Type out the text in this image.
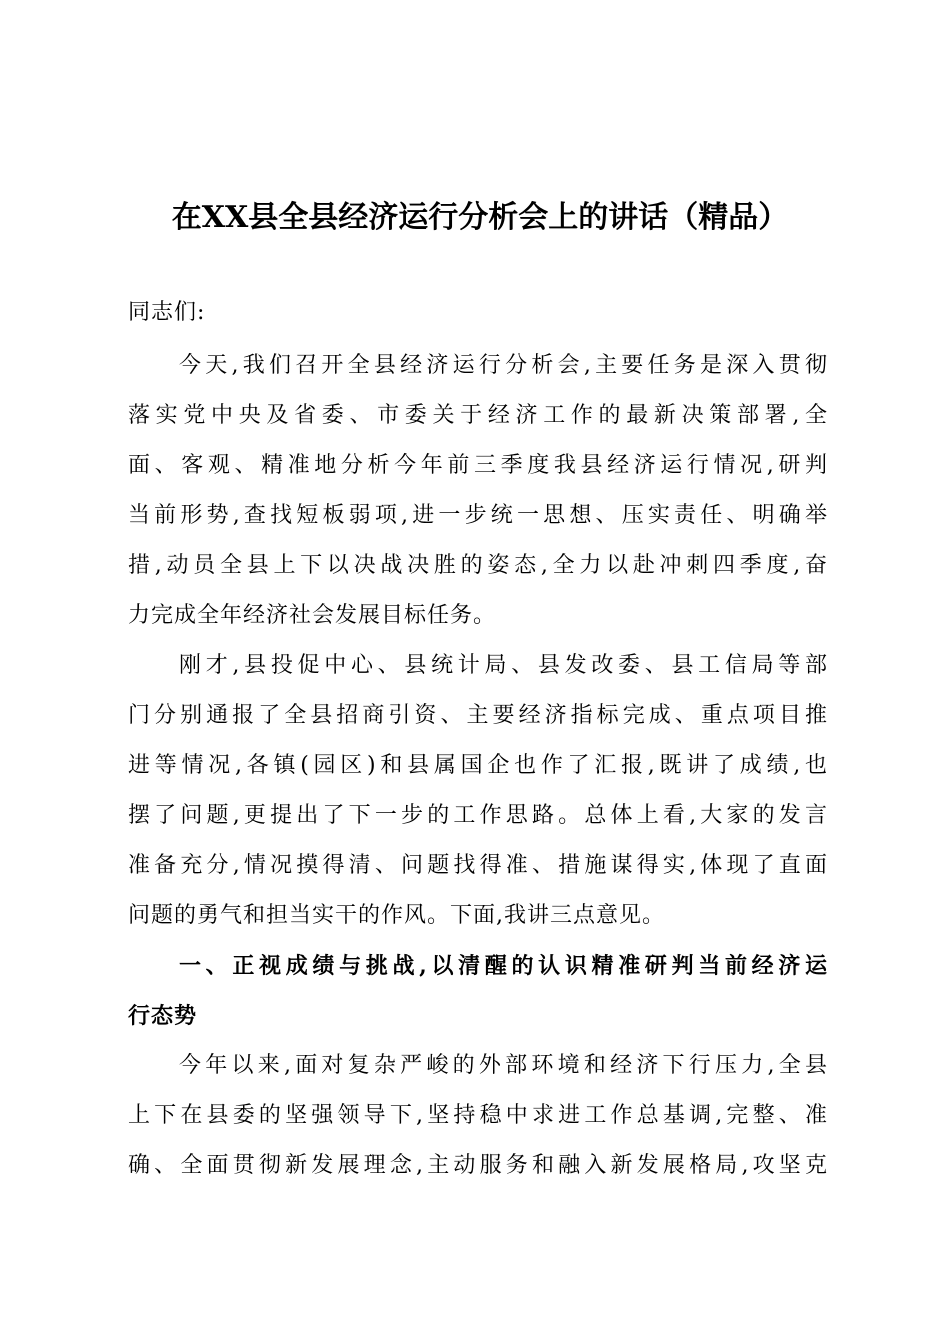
在XX县全县经济运行分析会上的讲话（精品）
同志们:
今天,我们召开全县经济运行分析会,主要任务是深入贯彻
落实党中央及省委、市委关于经济工作的最新决策部署,全
面、客观、精准地分析今年前三季度我县经济运行情况,研判
当前形势,查找短板弱项,进一步统一思想、压实责任、明确举
措,动员全县上下以决战决胜的姿态,全力以赴冲刺四季度,奋
力完成全年经济社会发展目标任务。
刚才,县投促中心、县统计局、县发改委、县工信局等部
门分别通报了全县招商引资、主要经济指标完成、重点项目推
进等情况,各镇(园区)和县属国企也作了汇报,既讲了成绩,也
摆了问题,更提出了下一步的工作思路。总体上看,大家的发言
准备充分,情况摸得清、问题找得准、措施谋得实,体现了直面
问题的勇气和担当实干的作风。下面,我讲三点意见。
一、正视成绩与挑战,以清醒的认识精准研判当前经济运
行态势
今年以来,面对复杂严峻的外部环境和经济下行压力,全县
上下在县委的坚强领导下,坚持稳中求进工作总基调,完整、准
确、全面贯彻新发展理念,主动服务和融入新发展格局,攻坚克
